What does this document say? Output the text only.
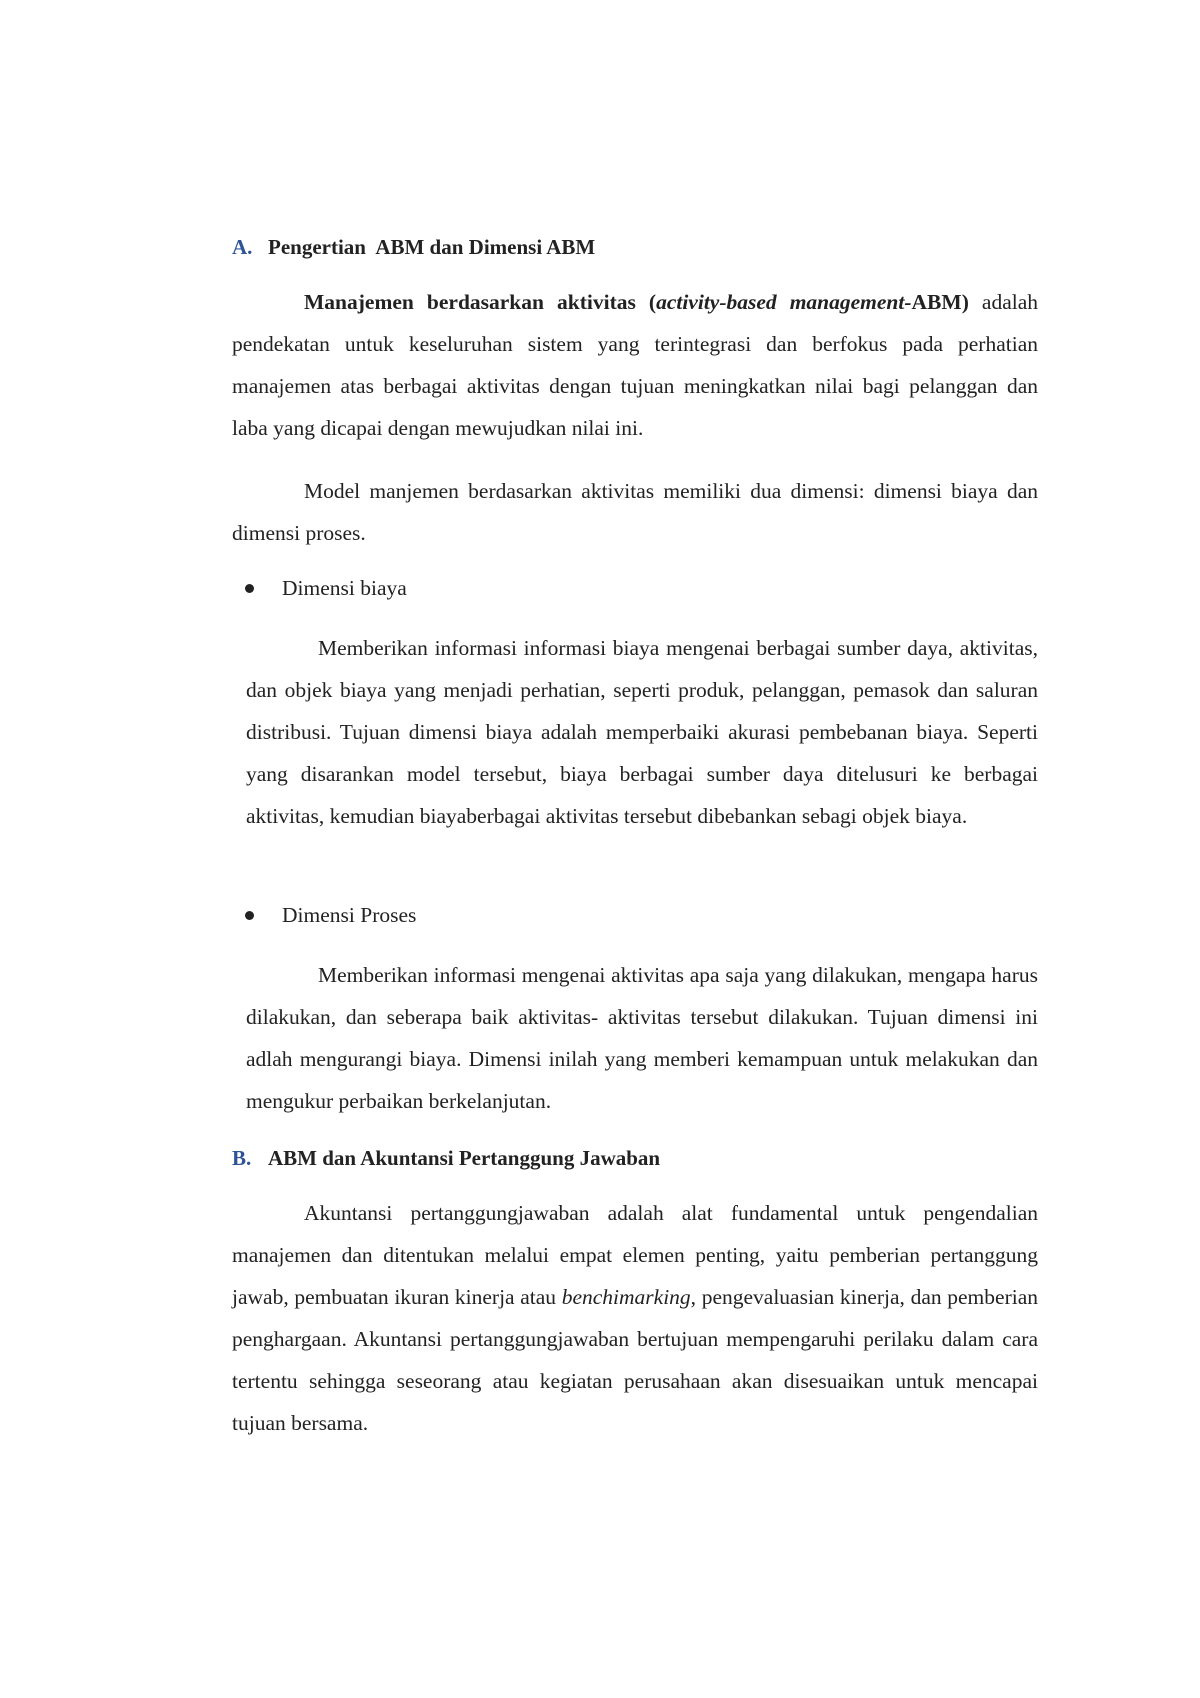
A. Pengertian  ABM dan Dimensi ABM

Manajemen berdasarkan aktivitas (activity-based management-ABM) adalah pendekatan untuk keseluruhan sistem yang terintegrasi dan berfokus pada perhatian manajemen atas berbagai aktivitas dengan tujuan meningkatkan nilai bagi pelanggan dan laba yang dicapai dengan mewujudkan nilai ini.

Model manjemen berdasarkan aktivitas memiliki dua dimensi: dimensi biaya dan dimensi proses.

Dimensi biaya

Memberikan informasi informasi biaya mengenai berbagai sumber daya, aktivitas, dan objek biaya yang menjadi perhatian, seperti produk, pelanggan, pemasok dan saluran distribusi. Tujuan dimensi biaya adalah memperbaiki akurasi pembebanan biaya. Seperti yang disarankan model tersebut, biaya berbagai sumber daya ditelusuri ke berbagai aktivitas, kemudian biayaberbagai aktivitas tersebut dibebankan sebagi objek biaya.

Dimensi Proses

Memberikan informasi mengenai aktivitas apa saja yang dilakukan, mengapa harus dilakukan, dan seberapa baik aktivitas- aktivitas tersebut dilakukan. Tujuan dimensi ini adlah mengurangi biaya. Dimensi inilah yang memberi kemampuan untuk melakukan dan mengukur perbaikan berkelanjutan.

B. ABM dan Akuntansi Pertanggung Jawaban

Akuntansi pertanggungjawaban adalah alat fundamental untuk pengendalian manajemen dan ditentukan melalui empat elemen penting, yaitu pemberian pertanggung jawab, pembuatan ikuran kinerja atau benchimarking, pengevaluasian kinerja, dan pemberian penghargaan. Akuntansi pertanggungjawaban bertujuan mempengaruhi perilaku dalam cara tertentu sehingga seseorang atau kegiatan perusahaan akan disesuaikan untuk mencapai tujuan bersama.
